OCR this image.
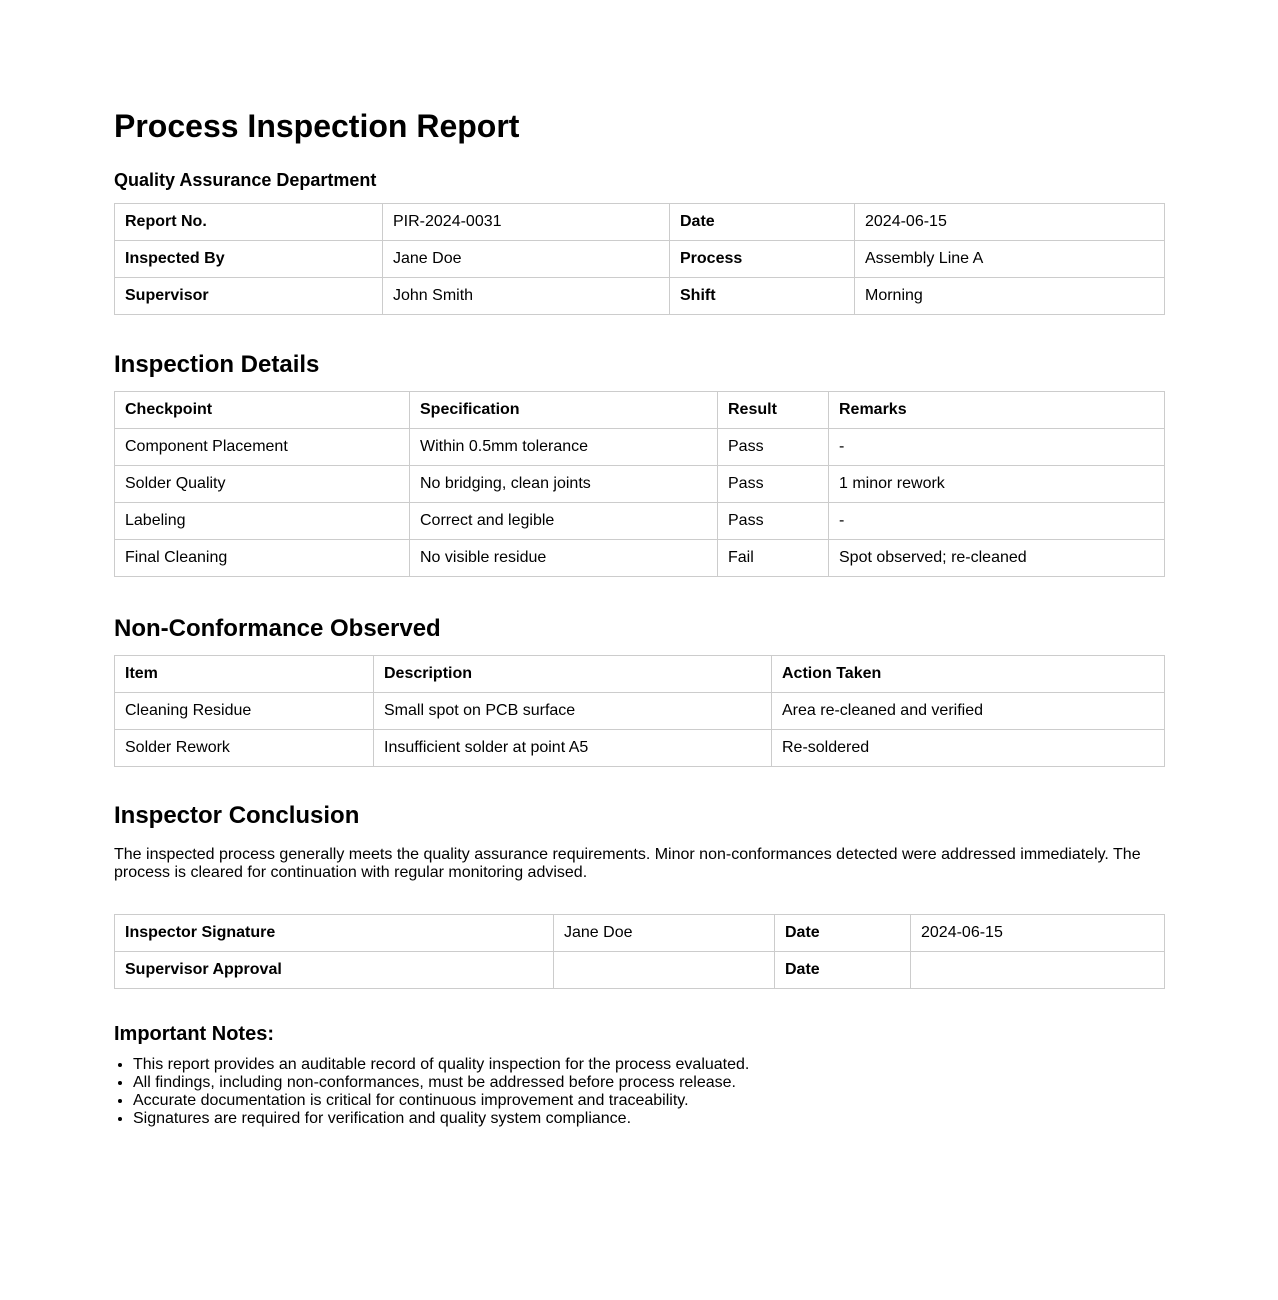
Process Inspection Report
Quality Assurance Department
Report No.	PIR-2024-0031	Date	2024-06-15
Inspected By	Jane Doe	Process	Assembly Line A
Supervisor	John Smith	Shift	Morning
Inspection Details
Checkpoint	Specification	Result	Remarks
Component Placement	Within 0.5mm tolerance	Pass	-
Solder Quality	No bridging, clean joints	Pass	1 minor rework
Labeling	Correct and legible	Pass	-
Final Cleaning	No visible residue	Fail	Spot observed; re-cleaned
Non-Conformance Observed
Item	Description	Action Taken
Cleaning Residue	Small spot on PCB surface	Area re-cleaned and verified
Solder Rework	Insufficient solder at point A5	Re-soldered
Inspector Conclusion

The inspected process generally meets the quality assurance requirements. Minor non-conformances detected were addressed immediately. The process is cleared for continuation with regular monitoring advised.

Inspector Signature	Jane Doe	Date	2024-06-15
Supervisor Approval		Date	
Important Notes:
• This report provides an auditable record of quality inspection for the process evaluated.
• All findings, including non-conformances, must be addressed before process release.
• Accurate documentation is critical for continuous improvement and traceability.
• Signatures are required for verification and quality system compliance.
